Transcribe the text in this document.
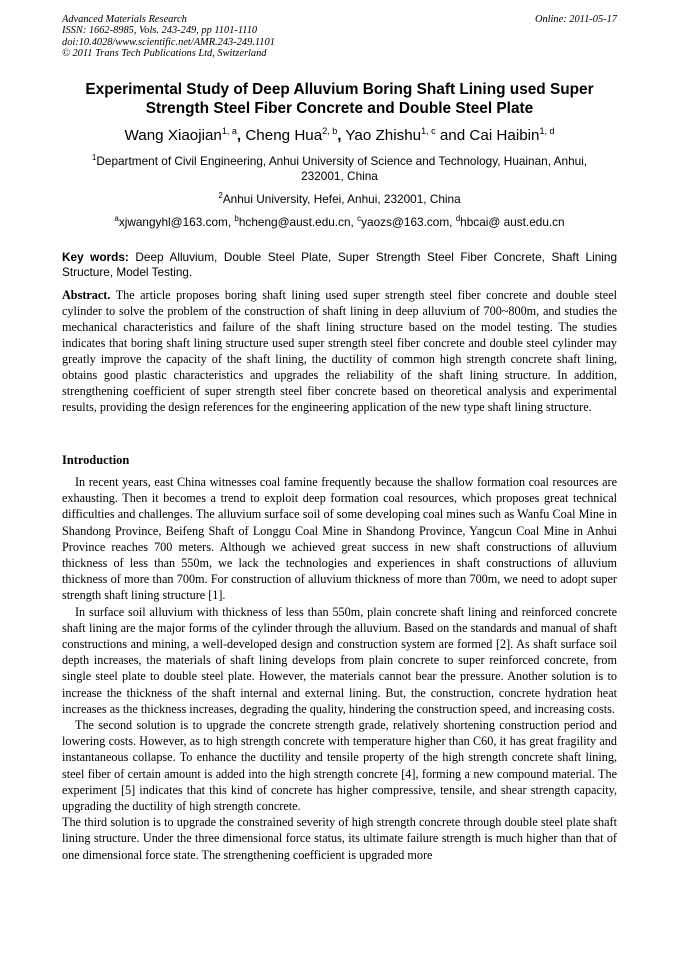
Advanced Materials Research
ISSN: 1662-8985, Vols. 243-249, pp 1101-1110
doi:10.4028/www.scientific.net/AMR.243-249.1101
© 2011 Trans Tech Publications Ltd, Switzerland
Online: 2011-05-17
Experimental Study of Deep Alluvium Boring Shaft Lining used Super
Strength Steel Fiber Concrete and Double Steel Plate
Wang Xiaojian$^{1, a}$, Cheng Hua$^{2, b}$, Yao Zhishu$^{1, c}$ and Cai Haibin$^{1, d}$
$^1$Department of Civil Engineering, Anhui University of Science and Technology, Huainan, Anhui,
232001, China
$^2$Anhui University, Hefei, Anhui, 232001, China
$^a$xjwangyhl@163.com, $^b$hcheng@aust.edu.cn, $^c$yaozs@163.com, $^d$hbcai@ aust.edu.cn
Key words: Deep Alluvium, Double Steel Plate, Super Strength Steel Fiber Concrete, Shaft Lining Structure, Model Testing.
Abstract. The article proposes boring shaft lining used super strength steel fiber concrete and double steel cylinder to solve the problem of the construction of shaft lining in deep alluvium of 700~800m, and studies the mechanical characteristics and failure of the shaft lining structure based on the model testing. The studies indicates that boring shaft lining structure used super strength steel fiber concrete and double steel cylinder may greatly improve the capacity of the shaft lining, the ductility of common high strength concrete shaft lining, obtains good plastic characteristics and upgrades the reliability of the shaft lining structure. In addition, strengthening coefficient of super strength steel fiber concrete based on theoretical analysis and experimental results, providing the design references for the engineering application of the new type shaft lining structure.
Introduction

In recent years, east China witnesses coal famine frequently because the shallow formation coal resources are exhausting. Then it becomes a trend to exploit deep formation coal resources, which proposes great technical difficulties and challenges. The alluvium surface soil of some developing coal mines such as Wanfu Coal Mine in Shandong Province, Beifeng Shaft of Longgu Coal Mine in Shandong Province, Yangcun Coal Mine in Anhui Province reaches 700 meters. Although we achieved great success in new shaft constructions of alluvium thickness of less than 550m, we lack the technologies and experiences in shaft constructions of alluvium thickness of more than 700m. For construction of alluvium thickness of more than 700m, we need to adopt super strength shaft lining structure [1].

In surface soil alluvium with thickness of less than 550m, plain concrete shaft lining and reinforced concrete shaft lining are the major forms of the cylinder through the alluvium. Based on the standards and manual of shaft constructions and mining, a well-developed design and construction system are formed [2]. As shaft surface soil depth increases, the materials of shaft lining develops from plain concrete to super reinforced concrete, from single steel plate to double steel plate. However, the materials cannot bear the pressure. Another solution is to increase the thickness of the shaft internal and external lining. But, the construction, concrete hydration heat increases as the thickness increases, degrading the quality, hindering the construction speed, and increasing costs.

The second solution is to upgrade the concrete strength grade, relatively shortening construction period and lowering costs. However, as to high strength concrete with temperature higher than C60, it has great fragility and instantaneous collapse. To enhance the ductility and tensile property of the high strength concrete shaft lining, steel fiber of certain amount is added into the high strength concrete [4], forming a new compound material. The experiment [5] indicates that this kind of concrete has higher compressive, tensile, and shear strength capacity, upgrading the ductility of high strength concrete.

The third solution is to upgrade the constrained severity of high strength concrete through double steel plate shaft lining structure. Under the three dimensional force status, its ultimate failure strength is much higher than that of one dimensional force state. The strengthening coefficient is upgraded more
